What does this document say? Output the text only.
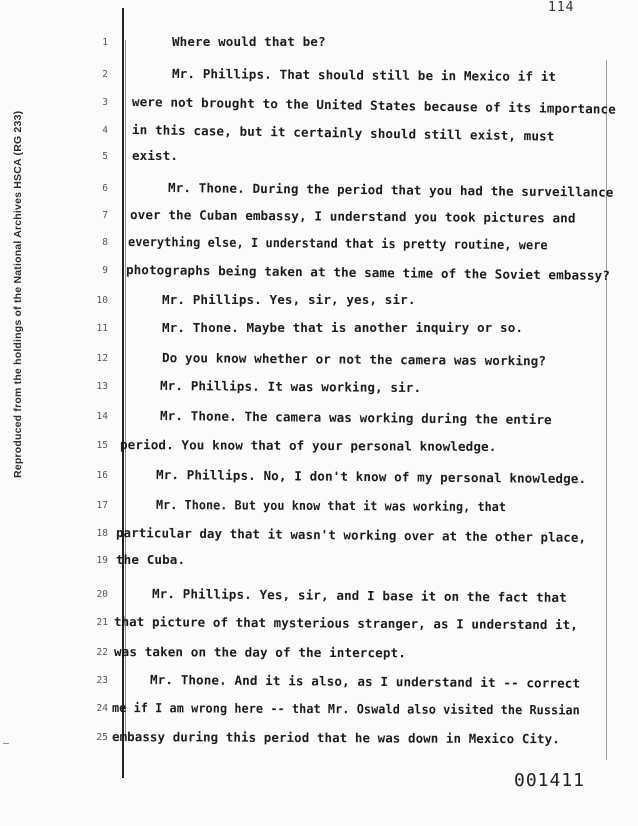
114
Reproduced from the holdings of the National Archives HSCA (RG 233)
1	Where would that be?
2	Mr. Phillips. That should still be in Mexico if it
3 were not brought to the United States because of its importance
4 in this case, but it certainly should still exist, must
5 exist.
6	Mr. Thone. During the period that you had the surveillance
7 over the Cuban embassy, I understand you took pictures and
8 everything else, I understand that is pretty routine, were
9 photographs being taken at the same time of the Soviet embassy?
10	Mr. Phillips. Yes, sir, yes, sir.
11	Mr. Thone. Maybe that is another inquiry or so.
12	Do you know whether or not the camera was working?
13	Mr. Phillips. It was working, sir.
14	Mr. Thone. The camera was working during the entire
15 period. You know that of your personal knowledge.
16	Mr. Phillips. No, I don't know of my personal knowledge.
17	Mr. Thone. But you know that it was working, that
18 particular day that it wasn't working over at the other place,
19 the Cuba.
20	Mr. Phillips. Yes, sir, and I base it on the fact that
21 that picture of that mysterious stranger, as I understand it,
22 was taken on the day of the intercept.
23	Mr. Thone. And it is also, as I understand it -- correct
24 me if I am wrong here -- that Mr. Oswald also visited the Russian
25 embassy during this period that he was down in Mexico City.
—
001411
